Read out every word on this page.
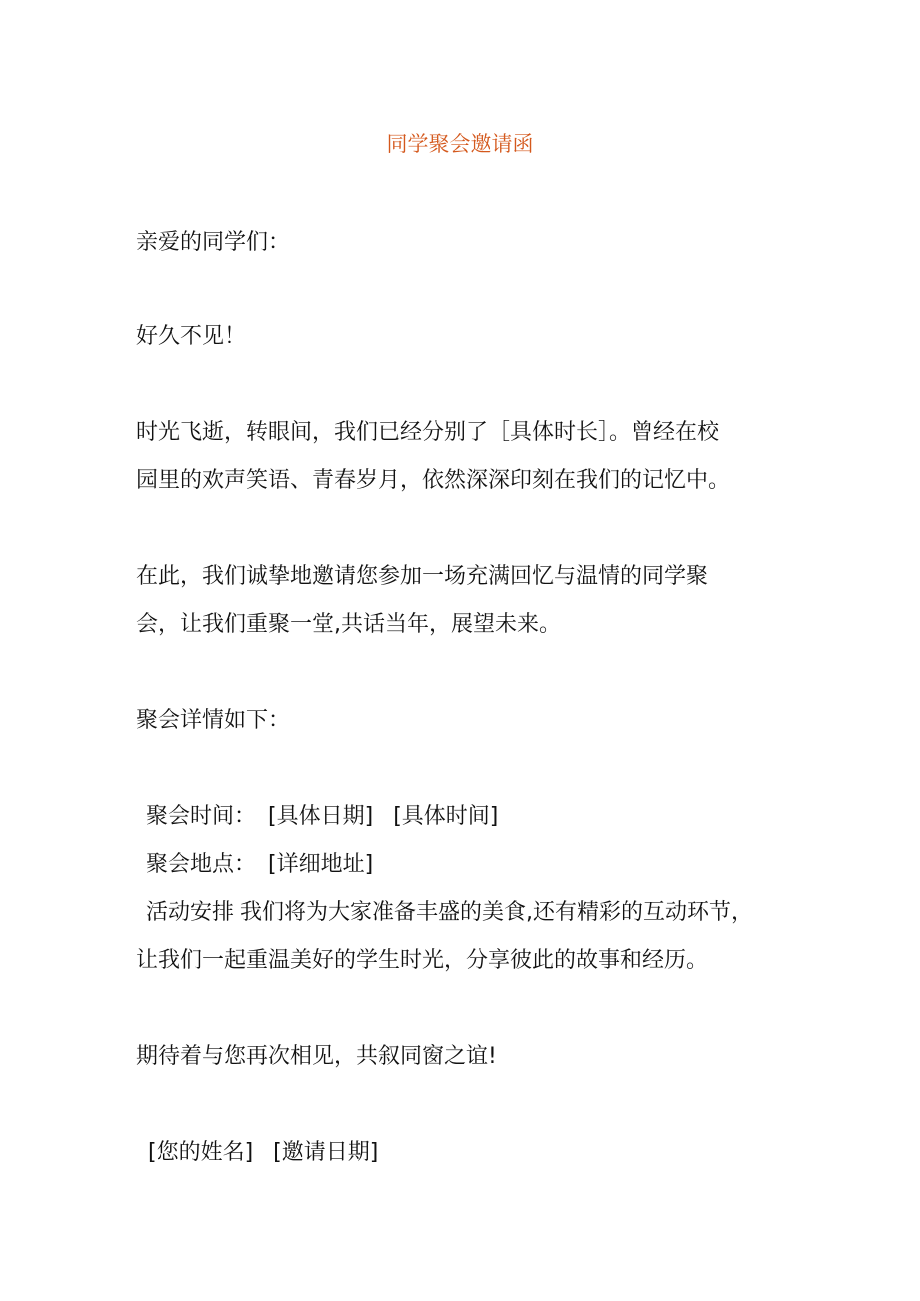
同学聚会邀请函
亲爱的同学们：
好久不见！
时光飞逝，转眼间，我们已经分别了［具体时长］。曾经在校
园里的欢声笑语、青春岁月，依然深深印刻在我们的记忆中。
在此，我们诚挚地邀请您参加一场充满回忆与温情的同学聚
会，让我们重聚一堂,共话当年，展望未来。
聚会详情如下：
聚会时间： [具体日期] [具体时间]
聚会地点： [详细地址]
活动安排 我们将为大家准备丰盛的美食,还有精彩的互动环节，
让我们一起重温美好的学生时光，分享彼此的故事和经历。
期待着与您再次相见，共叙同窗之谊!
[您的姓名] [邀请日期]
